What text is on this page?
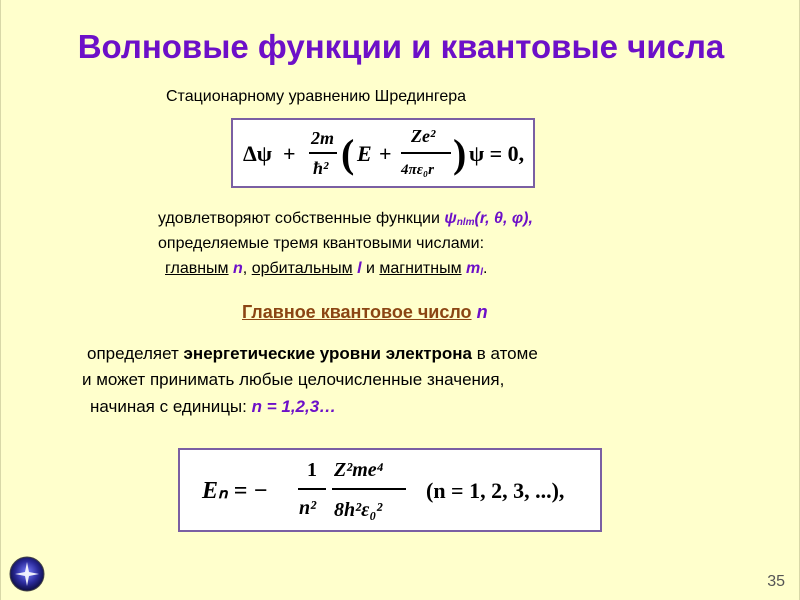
Волновые функции и квантовые числа
Стационарному уравнению Шредингера
Δψ +
2m
ħ² ( E +
Ze²
4πε₀r ) ψ = 0,
удовлетворяют собственные функции $\psi_{nlm}(r$, θ, φ),
определяемые тремя квантовыми числами:
главным n, орбитальным l и магнитным $m_l$.
Главное квантовое число n
определяет энергетические уровни электрона в атоме
и может принимать любые целочисленные значения,
начиная с единицы: n = 1,2,3…
Eₙ = −
1
n²
Z²me⁴
8h²ε₀²
(n = 1, 2, 3, ...),
35
